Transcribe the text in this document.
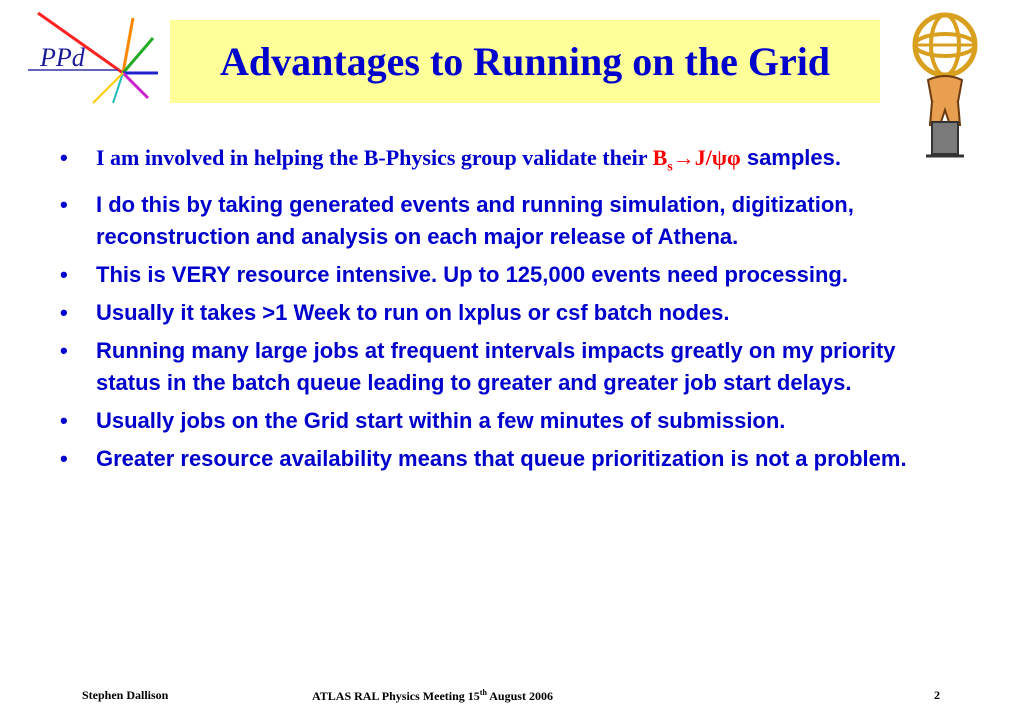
PPd	Advantages to Running on the Grid
• I am involved in helping the B-Physics group validate their $B_s\to J/\psi\varphi$ samples.
• I do this by taking generated events and running simulation, digitization, reconstruction and analysis on each major release of Athena.
• This is VERY resource intensive. Up to 125,000 events need processing.
• Usually it takes >1 Week to run on lxplus or csf batch nodes.
• Running many large jobs at frequent intervals impacts greatly on my priority status in the batch queue leading to greater and greater job start delays.
• Usually jobs on the Grid start within a few minutes of submission.
• Greater resource availability means that queue prioritization is not a problem.
Stephen Dallison	ATLAS RAL Physics Meeting 15th August 2006	2
